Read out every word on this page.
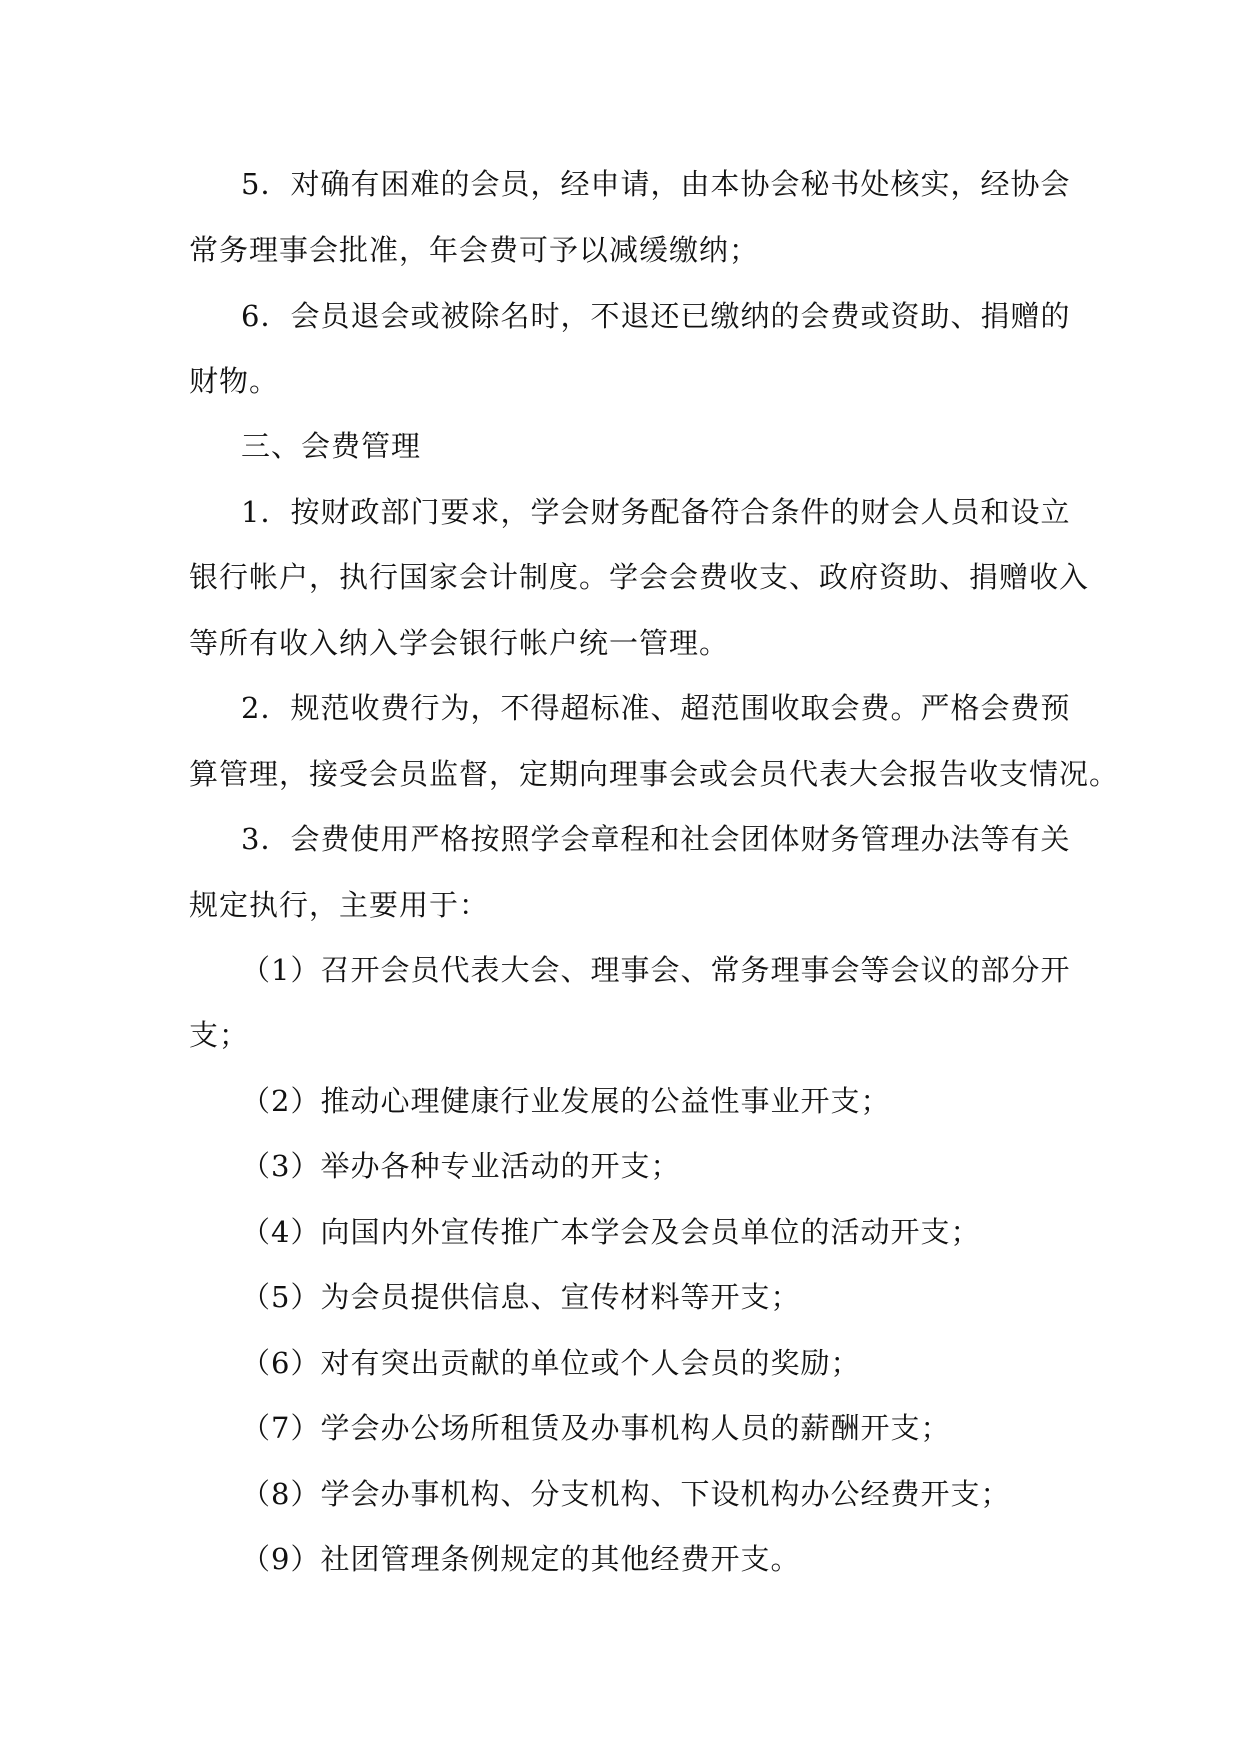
5．对确有困难的会员，经申请，由本协会秘书处核实，经协会
常务理事会批准，年会费可予以减缓缴纳；
6．会员退会或被除名时，不退还已缴纳的会费或资助、捐赠的
财物。
三、会费管理
1．按财政部门要求，学会财务配备符合条件的财会人员和设立
银行帐户，执行国家会计制度。学会会费收支、政府资助、捐赠收入
等所有收入纳入学会银行帐户统一管理。
2．规范收费行为，不得超标准、超范围收取会费。严格会费预
算管理，接受会员监督，定期向理事会或会员代表大会报告收支情况。
3．会费使用严格按照学会章程和社会团体财务管理办法等有关
规定执行，主要用于：
（1）召开会员代表大会、理事会、常务理事会等会议的部分开
支；
（2）推动心理健康行业发展的公益性事业开支；
（3）举办各种专业活动的开支；
（4）向国内外宣传推广本学会及会员单位的活动开支；
（5）为会员提供信息、宣传材料等开支；
（6）对有突出贡献的单位或个人会员的奖励；
（7）学会办公场所租赁及办事机构人员的薪酬开支；
（8）学会办事机构、分支机构、下设机构办公经费开支；
（9）社团管理条例规定的其他经费开支。
